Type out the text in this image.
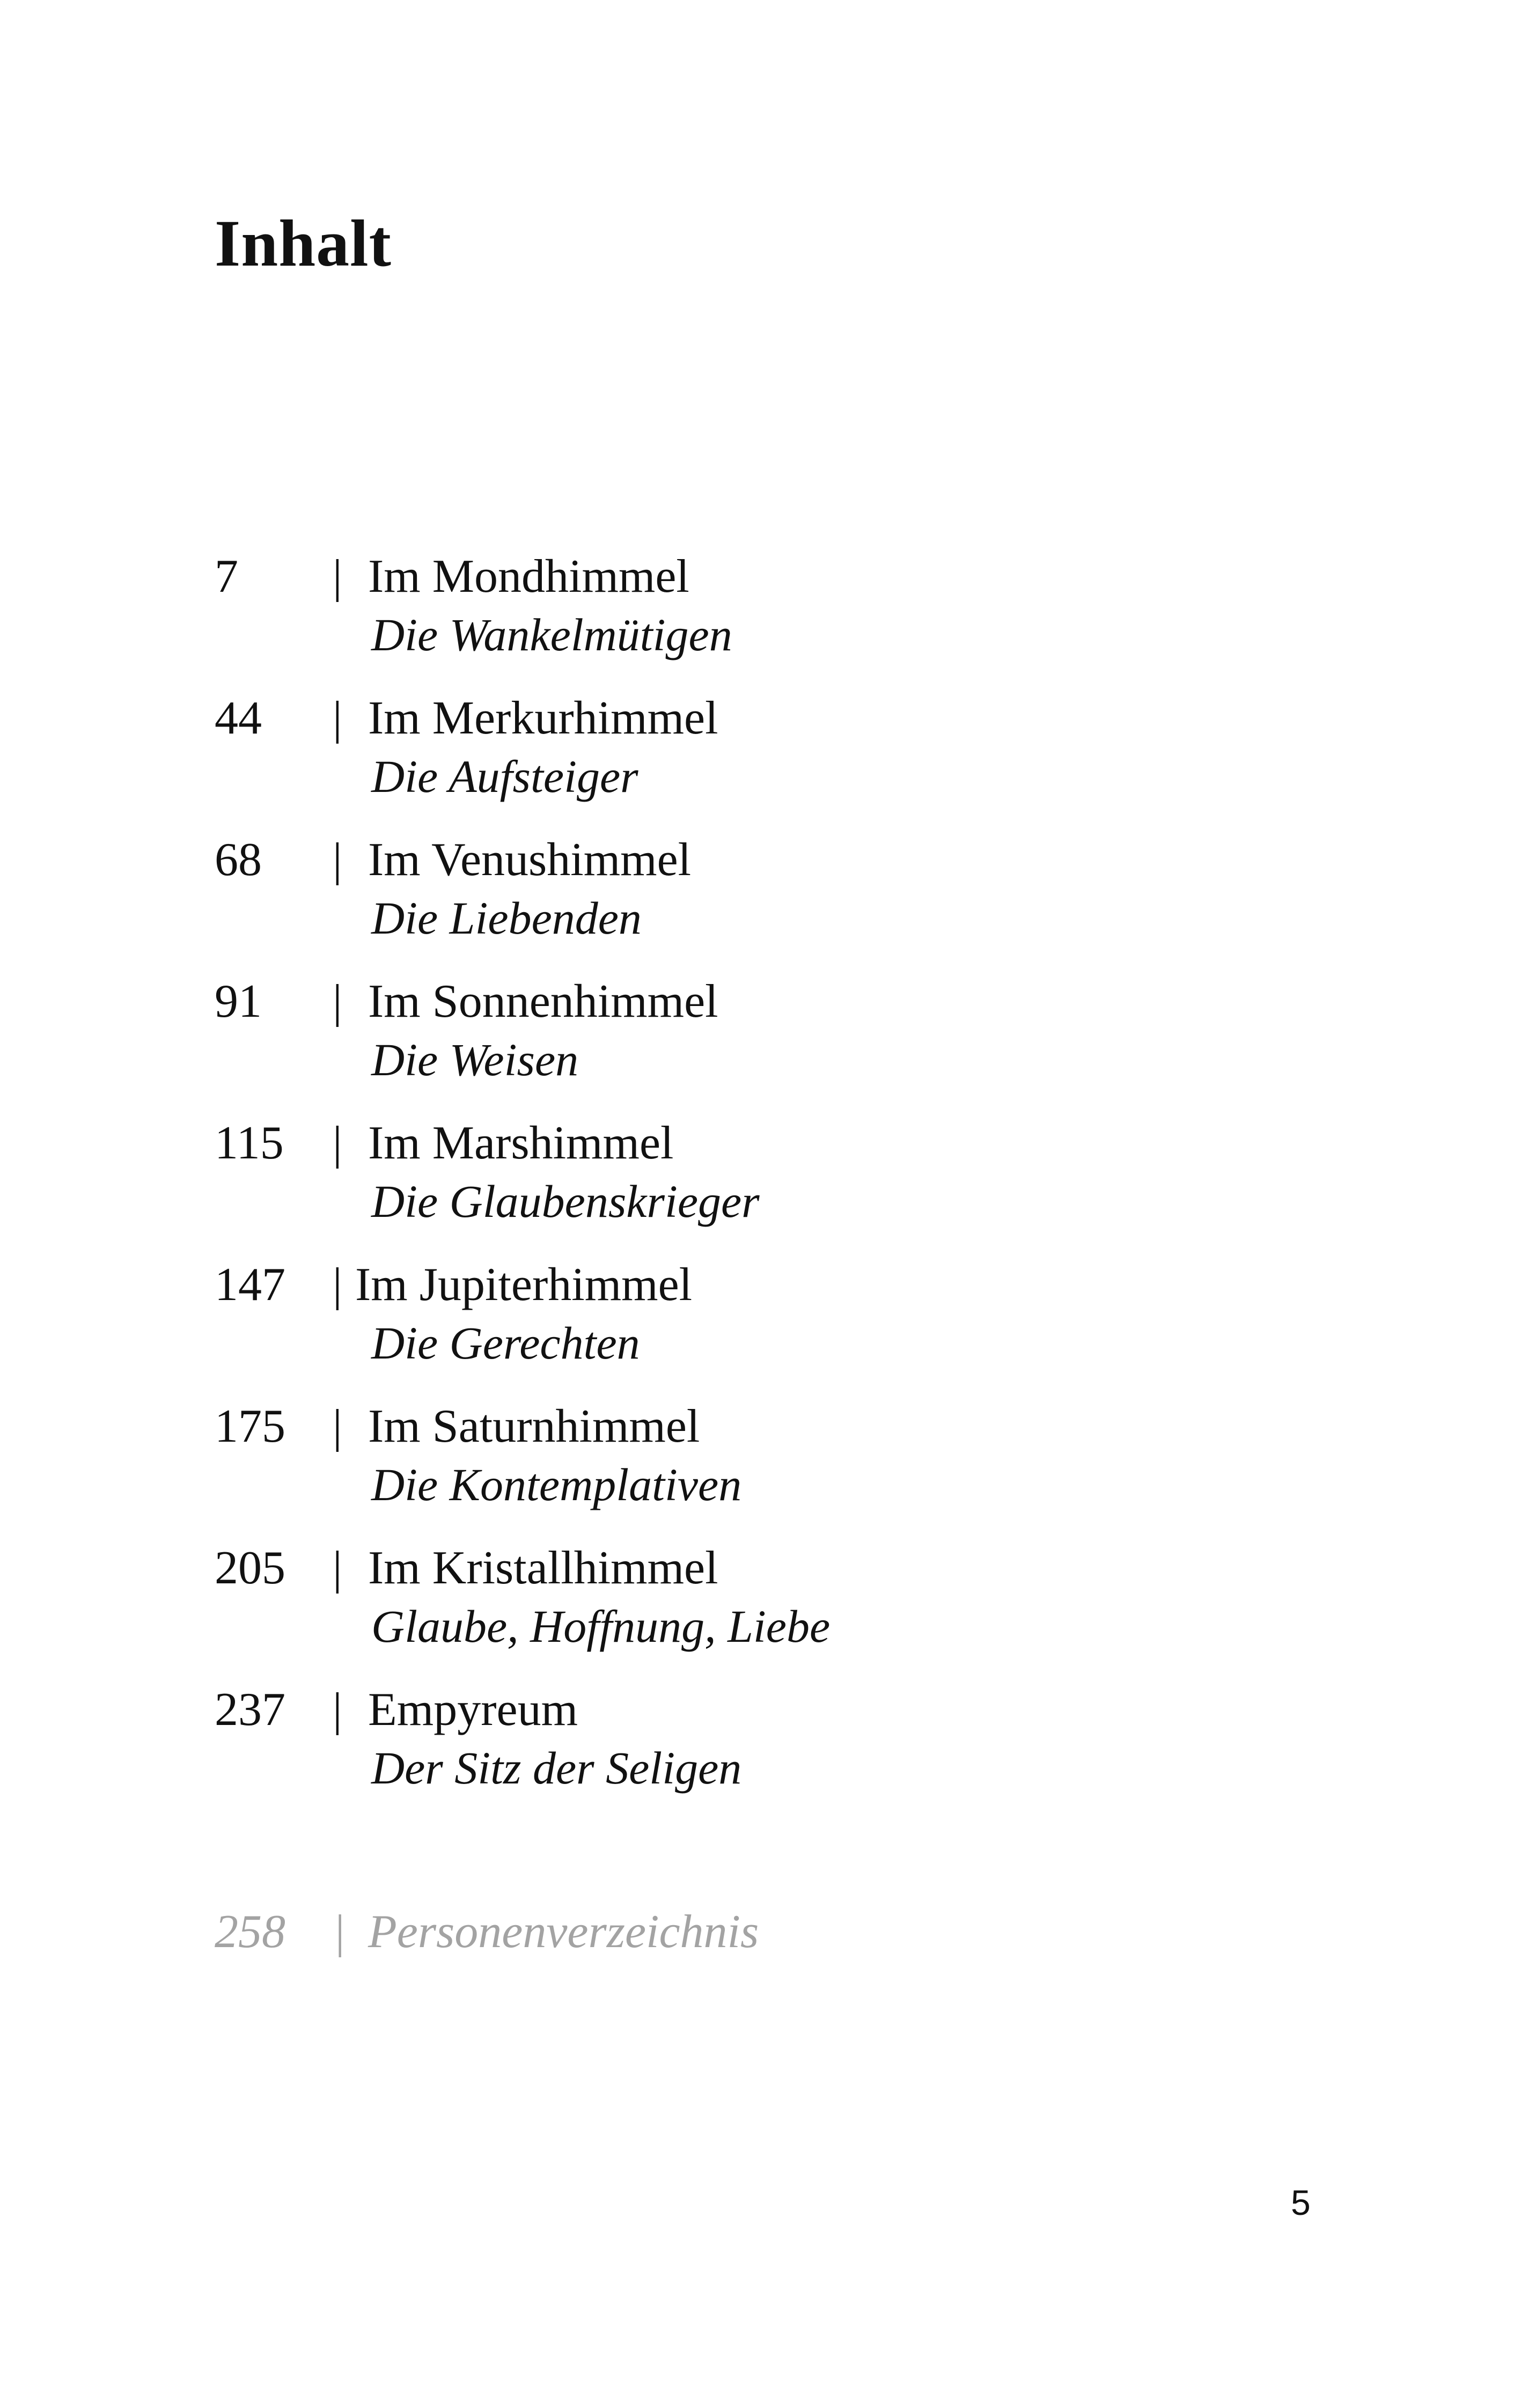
Inhalt
7 | Im Mondhimmel
Die Wankelmütigen
44 | Im Merkurhimmel
Die Aufsteiger
68 | Im Venushimmel
Die Liebenden
91 | Im Sonnenhimmel
Die Weisen
115 | Im Marshimmel
Die Glaubenskrieger
147 | Im Jupiterhimmel
Die Gerechten
175 | Im Saturnhimmel
Die Kontemplativen
205 | Im Kristallhimmel
Glaube, Hoffnung, Liebe
237 | Empyreum
Der Sitz der Seligen
258 | Personenverzeichnis
5
